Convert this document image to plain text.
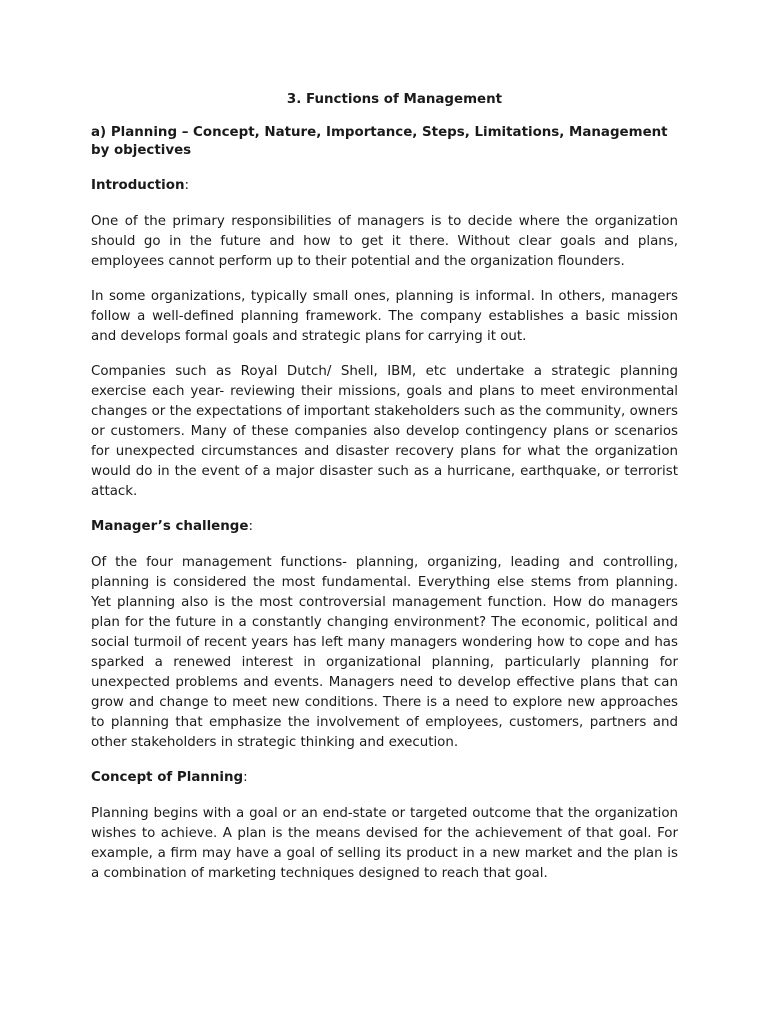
3. Functions of Management
a) Planning – Concept, Nature, Importance, Steps, Limitations, Management by objectives
Introduction:

One of the primary responsibilities of managers is to decide where the organization should go in the future and how to get it there. Without clear goals and plans, employees cannot perform up to their potential and the organization flounders.

In some organizations, typically small ones, planning is informal. In others, managers follow a well-defined planning framework. The company establishes a basic mission and develops formal goals and strategic plans for carrying it out.

Companies such as Royal Dutch/ Shell, IBM, etc undertake a strategic planning exercise each year- reviewing their missions, goals and plans to meet environmental changes or the expectations of important stakeholders such as the community, owners or customers. Many of these companies also develop contingency plans or scenarios for unexpected circumstances and disaster recovery plans for what the organization would do in the event of a major disaster such as a hurricane, earthquake, or terrorist attack.

Manager’s challenge:

Of the four management functions- planning, organizing, leading and controlling, planning is considered the most fundamental. Everything else stems from planning. Yet planning also is the most controversial management function. How do managers plan for the future in a constantly changing environment? The economic, political and social turmoil of recent years has left many managers wondering how to cope and has sparked a renewed interest in organizational planning, particularly planning for unexpected problems and events. Managers need to develop effective plans that can grow and change to meet new conditions. There is a need to explore new approaches to planning that emphasize the involvement of employees, customers, partners and other stakeholders in strategic thinking and execution.

Concept of Planning:

Planning begins with a goal or an end-state or targeted outcome that the organization wishes to achieve. A plan is the means devised for the achievement of that goal. For example, a firm may have a goal of selling its product in a new market and the plan is a combination of marketing techniques designed to reach that goal.
